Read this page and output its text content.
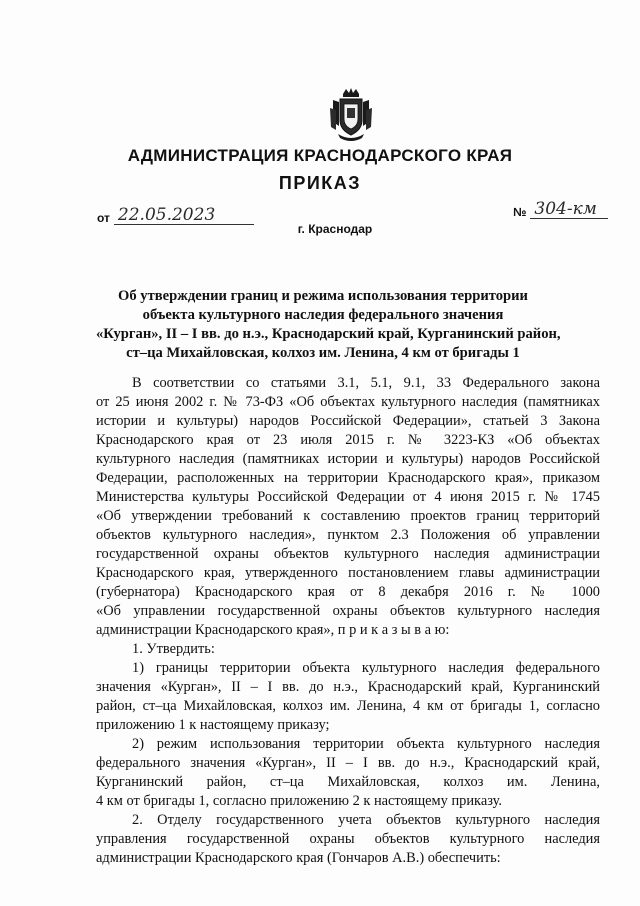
АДМИНИСТРАЦИЯ КРАСНОДАРСКОГО КРАЯ
ПРИКАЗ
от 22.05.2023	№ 304-км
г. Краснодар
Об утверждении границ и режима использования территории
объекта культурного наследия федерального значения
«Курган», II – I вв. до н.э., Краснодарский край, Курганинский район,
ст–ца Михайловская, колхоз им. Ленина, 4 км от бригады 1

В соответствии со статьями 3.1, 5.1, 9.1, 33 Федерального закона

от 25 июня 2002 г. № 73-ФЗ «Об объектах культурного наследия (памятниках

истории и культуры) народов Российской Федерации», статьей 3 Закона

Краснодарского края от 23 июля 2015 г. № 3223-КЗ «Об объектах

культурного наследия (памятниках истории и культуры) народов Российской

Федерации, расположенных на территории Краснодарского края», приказом

Министерства культуры Российской Федерации от 4 июня 2015 г. № 1745

«Об утверждении требований к составлению проектов границ территорий

объектов культурного наследия», пунктом 2.3 Положения об управлении

государственной охраны объектов культурного наследия администрации

Краснодарского края, утвержденного постановлением главы администрации

(губернатора) Краснодарского края от 8 декабря 2016 г. № 1000

«Об управлении государственной охраны объектов культурного наследия

администрации Краснодарского края», п р и к а з ы в а ю:

1. Утвердить:

1) границы территории объекта культурного наследия федерального

значения «Курган», II – I вв. до н.э., Краснодарский край, Курганинский

район, ст–ца Михайловская, колхоз им. Ленина, 4 км от бригады 1, согласно

приложению 1 к настоящему приказу;

2) режим использования территории объекта культурного наследия

федерального значения «Курган», II – I вв. до н.э., Краснодарский край,

Курганинский район, ст–ца Михайловская, колхоз им. Ленина,

4 км от бригады 1, согласно приложению 2 к настоящему приказу.

2. Отделу государственного учета объектов культурного наследия

управления государственной охраны объектов культурного наследия

администрации Краснодарского края (Гончаров А.В.) обеспечить:
